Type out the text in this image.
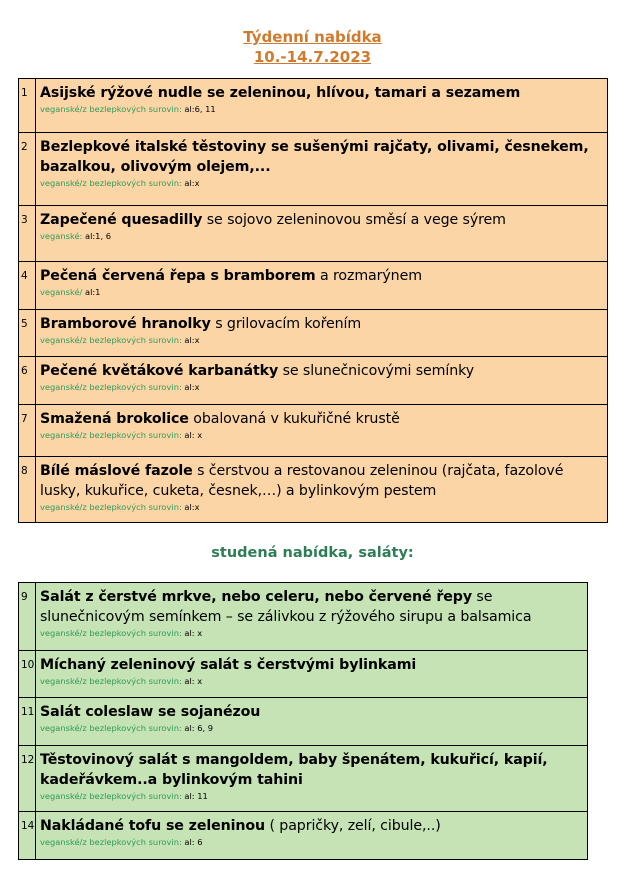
Týdenní nabídka
10.-14.7.2023
1	Asijské rýžové nudle se zeleninou, hlívou, tamari a sezamem
veganské/z bezlepkových surovin: al:6, 11

2	Bezlepkové italské těstoviny se sušenými rajčaty, olivami, česnekem, bazalkou, olivovým olejem,...
veganské/z bezlepkových surovin: al:x

3	Zapečené quesadilly se sojovo zeleninovou směsí a vege sýrem
veganské: al:1, 6

4	Pečená červená řepa s bramborem a rozmarýnem
veganské/ al:1

5	Bramborové hranolky s grilovacím kořením
veganské/z bezlepkových surovin: al:x

6	Pečené květákové karbanátky se slunečnicovými semínky
veganské/z bezlepkových surovin: al:x

7	Smažená brokolice obalovaná v kukuřičné krustě
veganské/z bezlepkových surovin: al: x

8	Bílé máslové fazole s čerstvou a restovanou zeleninou (rajčata, fazolové lusky, kukuřice, cuketa, česnek,…) a bylinkovým pestem
veganské/z bezlepkových surovin: al:x
studená nabídka, saláty:
9	Salát z čerstvé mrkve, nebo celeru, nebo červené řepy se slunečnicovým semínkem – se zálivkou z rýžového sirupu a balsamica
veganské/z bezlepkových surovin: al: x

10	Míchaný zeleninový salát s čerstvými bylinkami
veganské/z bezlepkových surovin: al: x

11	Salát coleslaw se sojanézou
veganské/z bezlepkových surovin: al: 6, 9

12	Těstovinový salát s mangoldem, baby špenátem, kukuřicí, kapií, kadeřávkem..a bylinkovým tahini
veganské/z bezlepkových surovin: al: 11

14	Nakládané tofu se zeleninou ( papričky, zelí, cibule,..)
veganské/z bezlepkových surovin: al: 6
